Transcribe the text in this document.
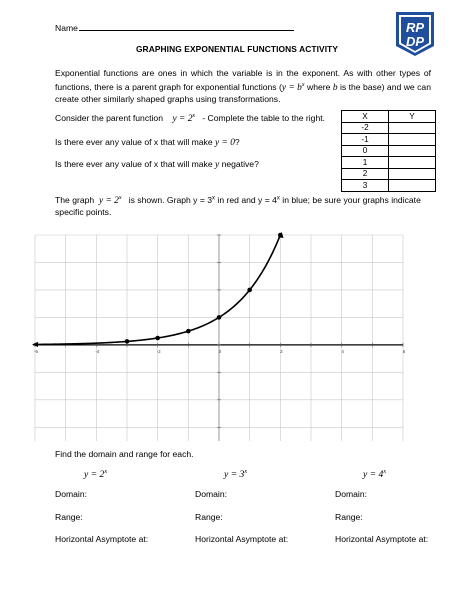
Name	RP
DP
GRAPHING EXPONENTIAL FUNCTIONS ACTIVITY
Exponential functions are ones in which the variable is in the exponent. As with other types of functions, there is a parent graph for exponential functions ($y = b^x$ where b is the base) and we can create other similarly shaped graphs using transformations.
Consider the parent function $y = 2^x$ - Complete the table to the right.
Is there ever any value of x that will make y = 0?
Is there ever any value of x that will make y negative?
X	Y
-2	
-1	
0	
1	
2	
3	
The graph $y = 2^x$ is shown. Graph $y = 3^x$ in red and $y = 4^x$ in blue; be sure your graphs indicate specific points.
-6	-4	-2	0	2	4	6
Find the domain and range for each.
$y = 2^x$	$y = 3^x$	$y = 4^x$
Domain:	Domain:	Domain:
Range:	Range:	Range:
Horizontal Asymptote at:	Horizontal Asymptote at:	Horizontal Asymptote at:
